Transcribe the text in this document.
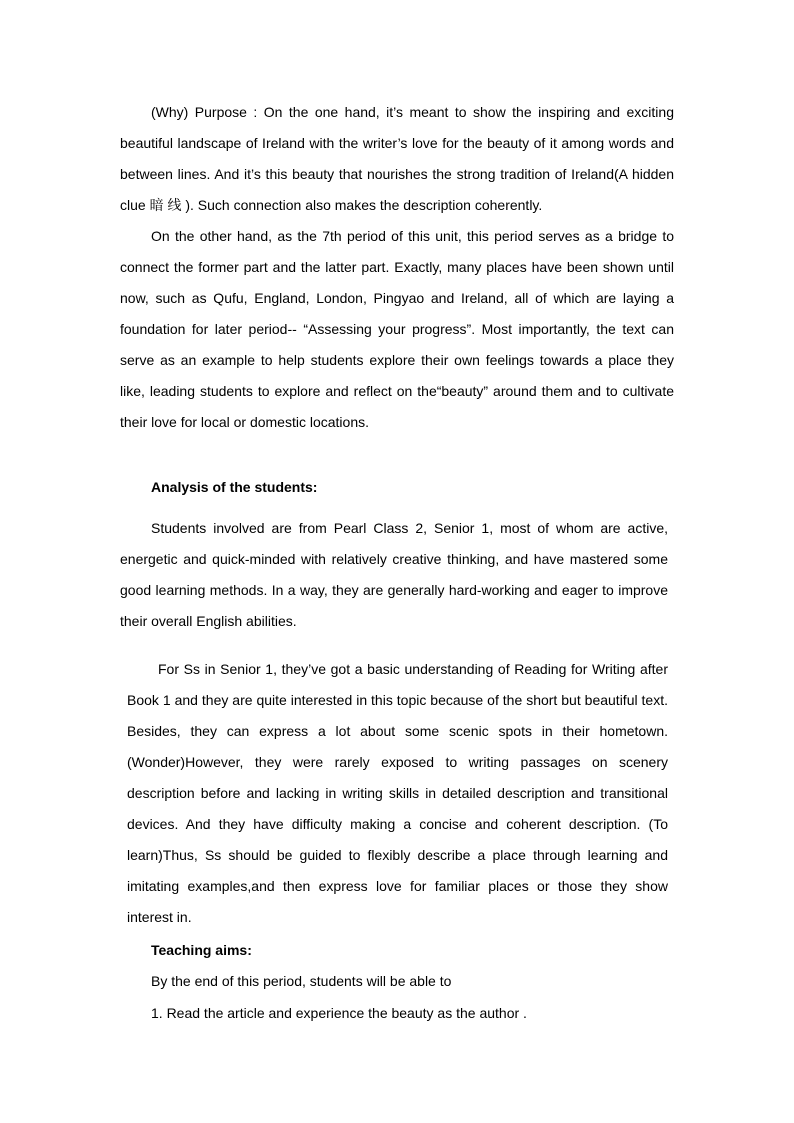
(Why) Purpose : On the one hand, it’s meant to show the inspiring and exciting beautiful landscape of Ireland with the writer’s love for the beauty of it among words and between lines. And it’s this beauty that nourishes the strong tradition of Ireland(A hidden clue 暗 线 ). Such connection also makes the description coherently.

On the other hand, as the 7th period of this unit, this period serves as a bridge to connect the former part and the latter part. Exactly, many places have been shown until now, such as Qufu, England, London, Pingyao and Ireland, all of which are laying a foundation for later period-- “Assessing your progress”. Most importantly, the text can serve as an example to help students explore their own feelings towards a place they like, leading students to explore and reflect on the“beauty” around them and to cultivate their love for local or domestic locations.

Analysis of the students:

Students involved are from Pearl Class 2, Senior 1, most of whom are active, energetic and quick-minded with relatively creative thinking, and have mastered some good learning methods. In a way, they are generally hard-working and eager to improve their overall English abilities.

For Ss in Senior 1, they’ve got a basic understanding of Reading for Writing after Book 1 and they are quite interested in this topic because of the short but beautiful text. Besides, they can express a lot about some scenic spots in their hometown. (Wonder)However, they were rarely exposed to writing passages on scenery description before and lacking in writing skills in detailed description and transitional devices. And they have difficulty making a concise and coherent description. (To learn)Thus, Ss should be guided to flexibly describe a place through learning and imitating examples,and then express love for familiar places or those they show interest in.

Teaching aims:

By the end of this period, students will be able to

1. Read the article and experience the beauty as the author .
